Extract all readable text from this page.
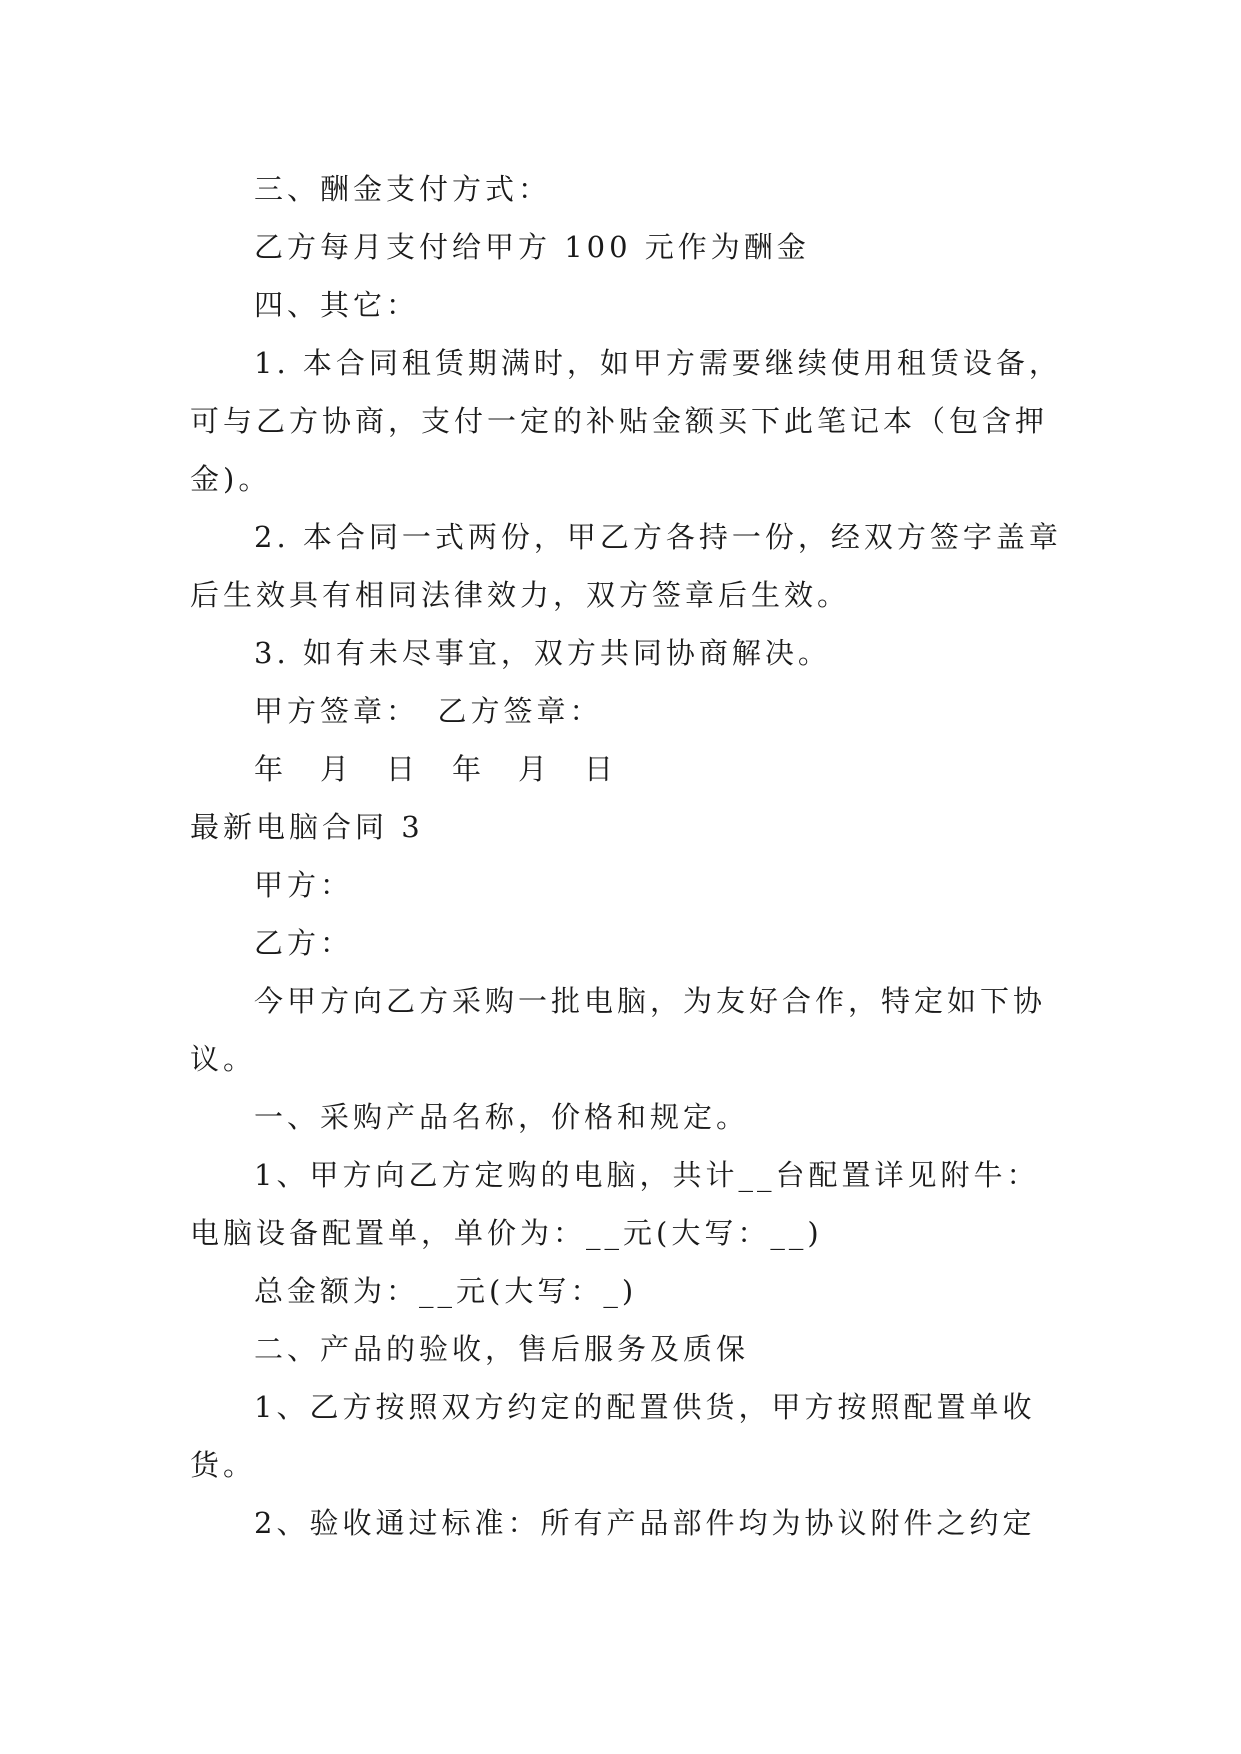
三、酬金支付方式：
乙方每月支付给甲方 100 元作为酬金
四、其它：
1. 本合同租赁期满时，如甲方需要继续使用租赁设备，
可与乙方协商，支付一定的补贴金额买下此笔记本（包含押
金)。
2. 本合同一式两份，甲乙方各持一份，经双方签字盖章
后生效具有相同法律效力，双方签章后生效。
3. 如有未尽事宜，双方共同协商解决。
甲方签章：　乙方签章：
年　月　日　年　月　日
最新电脑合同 3
甲方：
乙方：
今甲方向乙方采购一批电脑，为友好合作，特定如下协
议。
一、采购产品名称，价格和规定。
1、甲方向乙方定购的电脑，共计__台配置详见附牛：
电脑设备配置单，单价为：__元(大写：__)
总金额为：__元(大写：_)
二、产品的验收，售后服务及质保
1、乙方按照双方约定的配置供货，甲方按照配置单收
货。
2、验收通过标准：所有产品部件均为协议附件之约定
